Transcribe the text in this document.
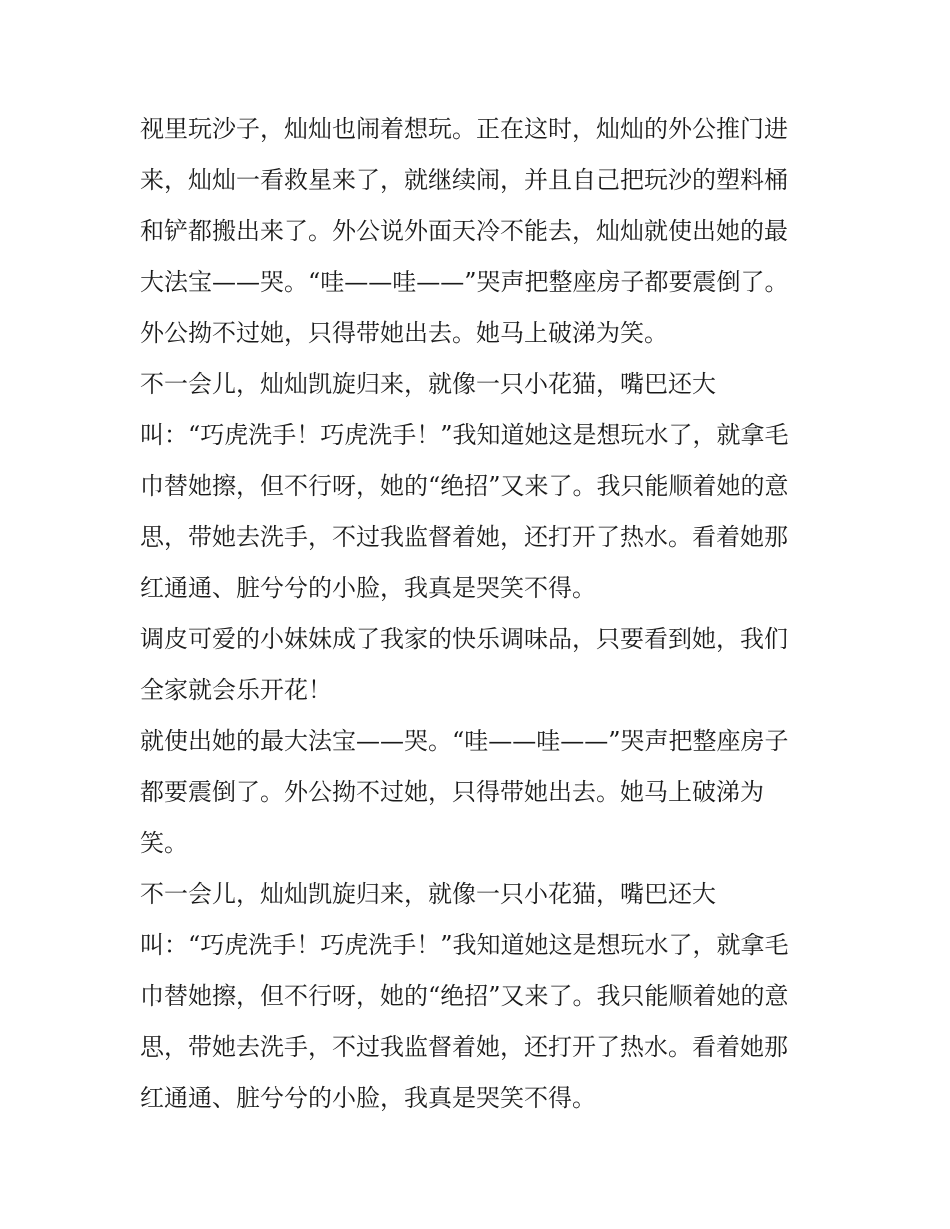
视里玩沙子，灿灿也闹着想玩。正在这时，灿灿的外公推门进
来，灿灿一看救星来了，就继续闹，并且自己把玩沙的塑料桶
和铲都搬出来了。外公说外面天冷不能去，灿灿就使出她的最
大法宝——哭。“哇——哇——”哭声把整座房子都要震倒了。
外公拗不过她，只得带她出去。她马上破涕为笑。
不一会儿，灿灿凯旋归来，就像一只小花猫，嘴巴还大
叫：“巧虎洗手！巧虎洗手！”我知道她这是想玩水了，就拿毛
巾替她擦，但不行呀，她的“绝招”又来了。我只能顺着她的意
思，带她去洗手，不过我监督着她，还打开了热水。看着她那
红通通、脏兮兮的小脸，我真是哭笑不得。
调皮可爱的小妹妹成了我家的快乐调味品，只要看到她，我们
全家就会乐开花！
就使出她的最大法宝——哭。“哇——哇——”哭声把整座房子
都要震倒了。外公拗不过她，只得带她出去。她马上破涕为
笑。
不一会儿，灿灿凯旋归来，就像一只小花猫，嘴巴还大
叫：“巧虎洗手！巧虎洗手！”我知道她这是想玩水了，就拿毛
巾替她擦，但不行呀，她的“绝招”又来了。我只能顺着她的意
思，带她去洗手，不过我监督着她，还打开了热水。看着她那
红通通、脏兮兮的小脸，我真是哭笑不得。
